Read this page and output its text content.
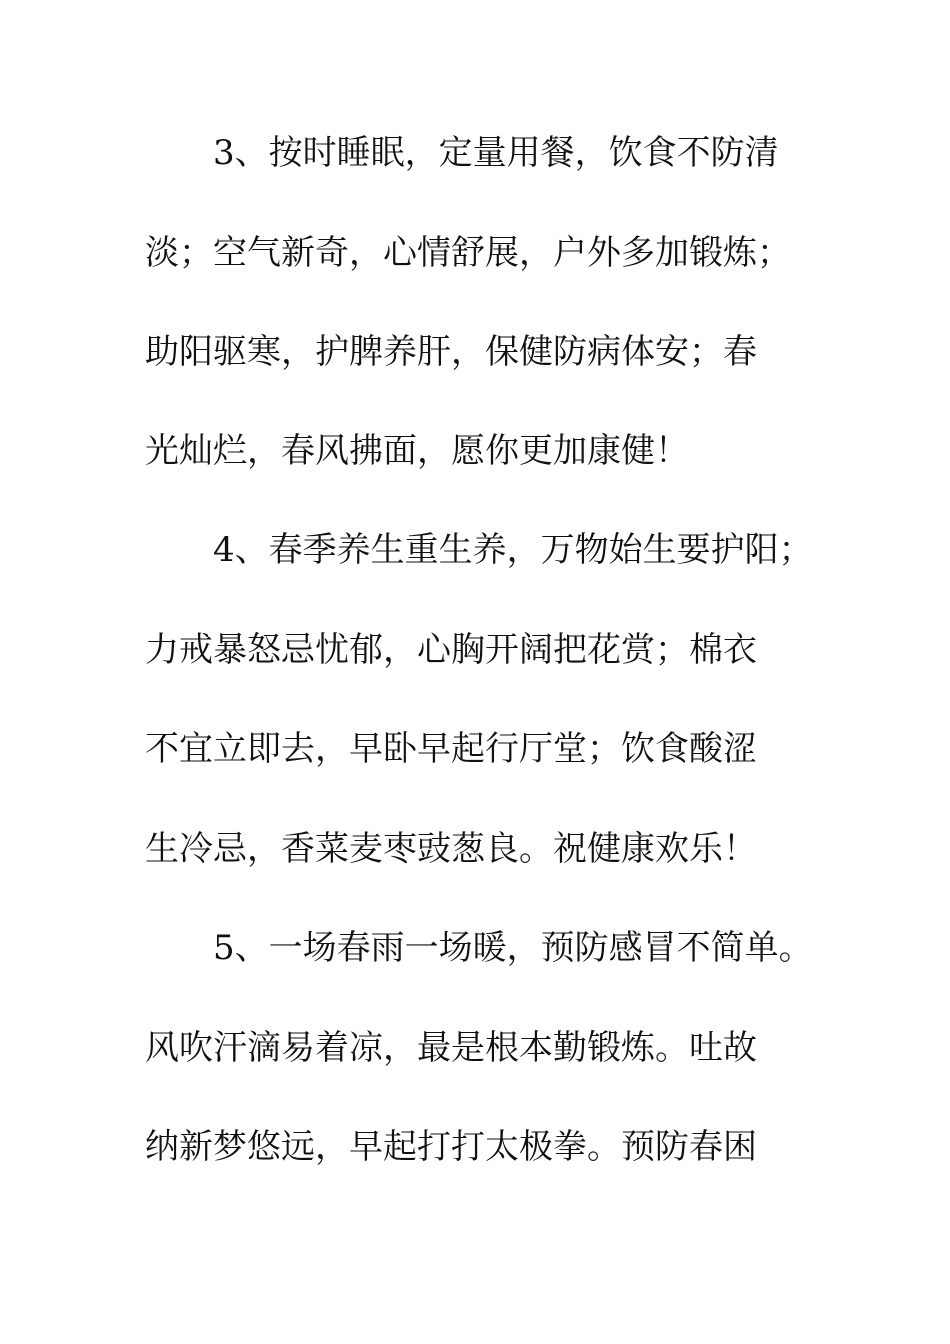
　　3、按时睡眠，定量用餐，饮食不防清
淡；空气新奇，心情舒展，户外多加锻炼；
助阳驱寒，护脾养肝，保健防病体安；春
光灿烂，春风拂面，愿你更加康健！
　　4、春季养生重生养，万物始生要护阳；
力戒暴怒忌忧郁，心胸开阔把花赏；棉衣
不宜立即去，早卧早起行厅堂；饮食酸涩
生冷忌，香菜麦枣豉葱良。祝健康欢乐！
　　5、一场春雨一场暖，预防感冒不简单。
风吹汗滴易着凉，最是根本勤锻炼。吐故
纳新梦悠远，早起打打太极拳。预防春困
